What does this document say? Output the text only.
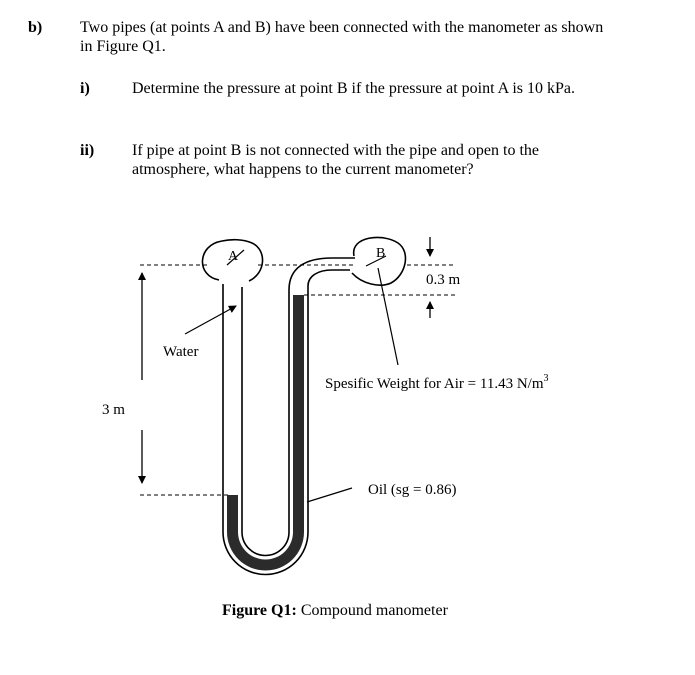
b) Two pipes (at points A and B) have been connected with the manometer as shown
in Figure Q1.
i)	Determine the pressure at point B if the pressure at point A is 10 kPa.
ii) If pipe at point B is not connected with the pipe and open to the
atmosphere, what happens to the current manometer?
A	B
0.3 m
3 m
Water
Spesific Weight for Air = 11.43 $N/m^3$
Oil (sg = 0.86)
Figure Q1: Compound manometer
